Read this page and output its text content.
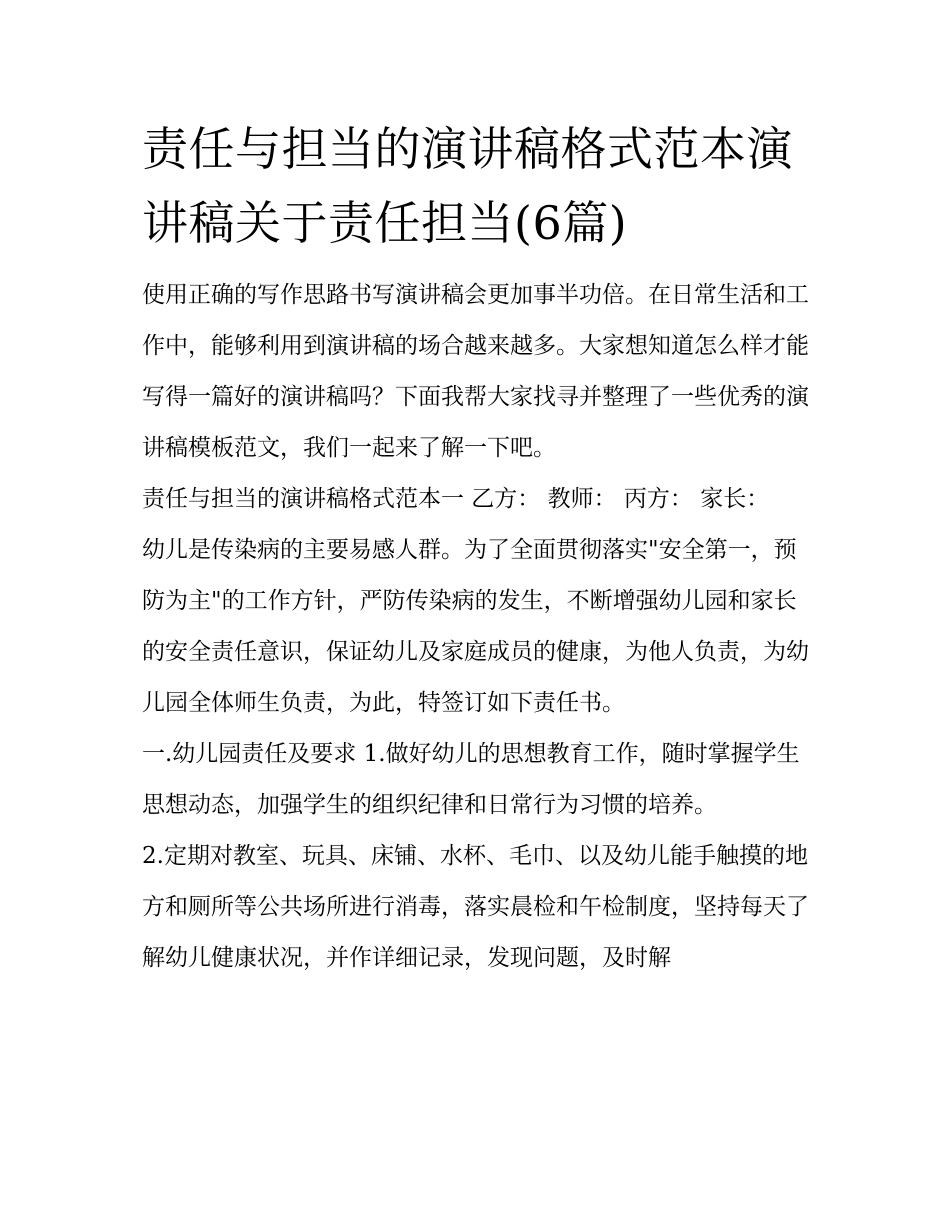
责任与担当的演讲稿格式范本演讲稿关于责任担当(6篇)

使用正确的写作思路书写演讲稿会更加事半功倍。在日常生活和工作中，能够利用到演讲稿的场合越来越多。大家想知道怎么样才能写得一篇好的演讲稿吗？下面我帮大家找寻并整理了一些优秀的演讲稿模板范文，我们一起来了解一下吧。

责任与担当的演讲稿格式范本一 乙方： 教师： 丙方： 家长：

幼儿是传染病的主要易感人群。为了全面贯彻落实"安全第一，预防为主"的工作方针，严防传染病的发生，不断增强幼儿园和家长的安全责任意识，保证幼儿及家庭成员的健康，为他人负责，为幼儿园全体师生负责，为此，特签订如下责任书。

一.幼儿园责任及要求 1.做好幼儿的思想教育工作，随时掌握学生思想动态，加强学生的组织纪律和日常行为习惯的培养。

2.定期对教室、玩具、床铺、水杯、毛巾、以及幼儿能手触摸的地方和厕所等公共场所进行消毒，落实晨检和午检制度，坚持每天了解幼儿健康状况，并作详细记录，发现问题，及时解
